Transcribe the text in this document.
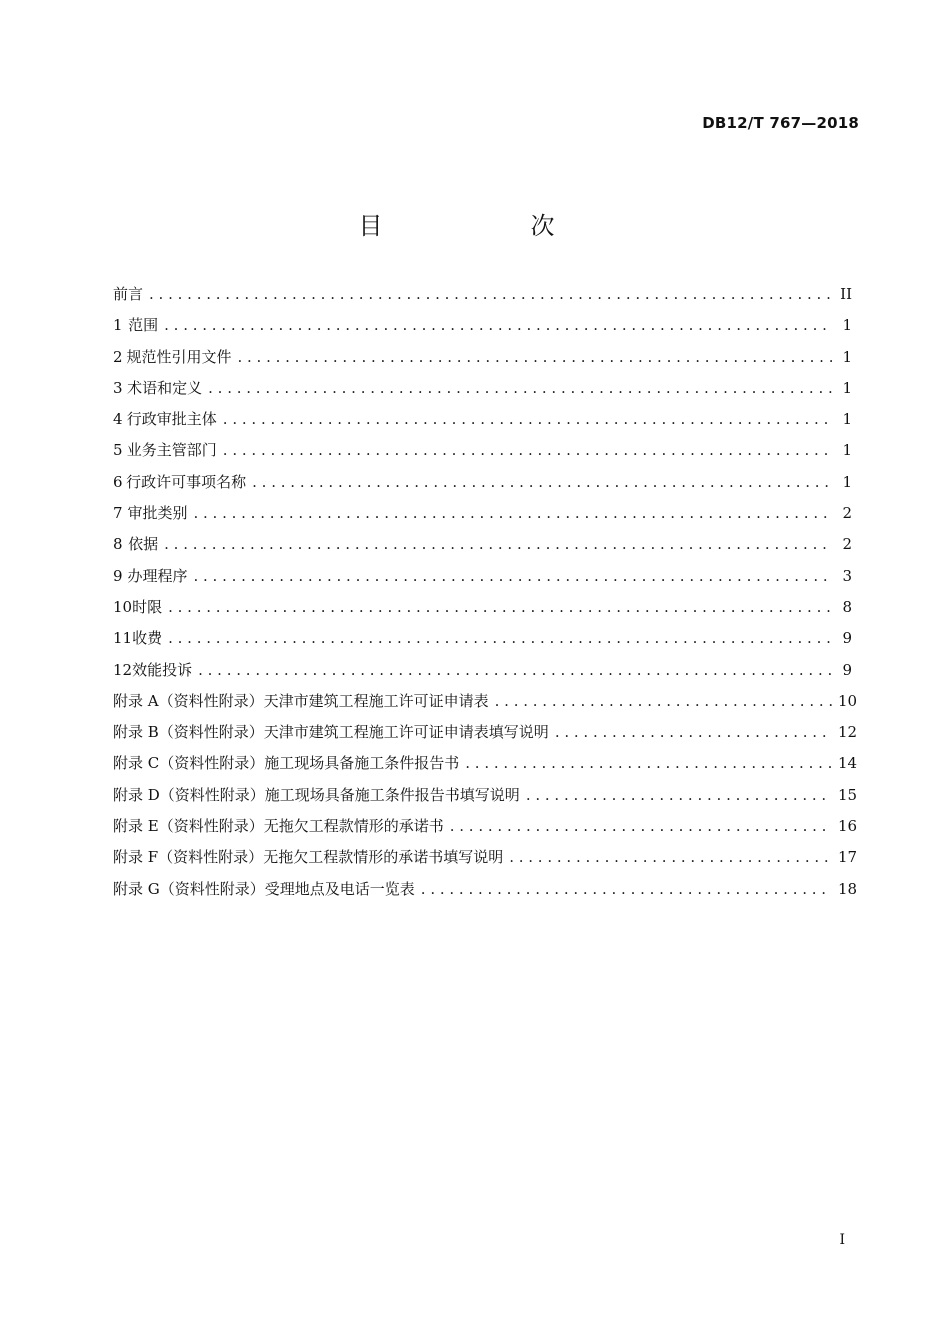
DB12/T 767—2018
目　次
前言 . . .	II
1 范围 . . .	1
2 规范性引用文件 . . .	1
3 术语和定义 . . .	1
4 行政审批主体 . . .	1
5 业务主管部门 . . .	1
6 行政许可事项名称 . . .	1
7 审批类别 . . .	2
8 依据 . . .	2
9 办理程序 . . .	3
10 时限 . . .	8
11 收费 . . .	9
12 效能投诉 . . .	9
附录 A（资料性附录） 天津市建筑工程施工许可证申请表 . . .	10
附录 B（资料性附录） 天津市建筑工程施工许可证申请表填写说明 . . .	12
附录 C（资料性附录） 施工现场具备施工条件报告书 . . .	14
附录 D（资料性附录） 施工现场具备施工条件报告书填写说明 . . .	15
附录 E（资料性附录） 无拖欠工程款情形的承诺书 . . .	16
附录 F（资料性附录） 无拖欠工程款情形的承诺书填写说明 . . .	17
附录 G（资料性附录） 受理地点及电话一览表 . . .	18
I
